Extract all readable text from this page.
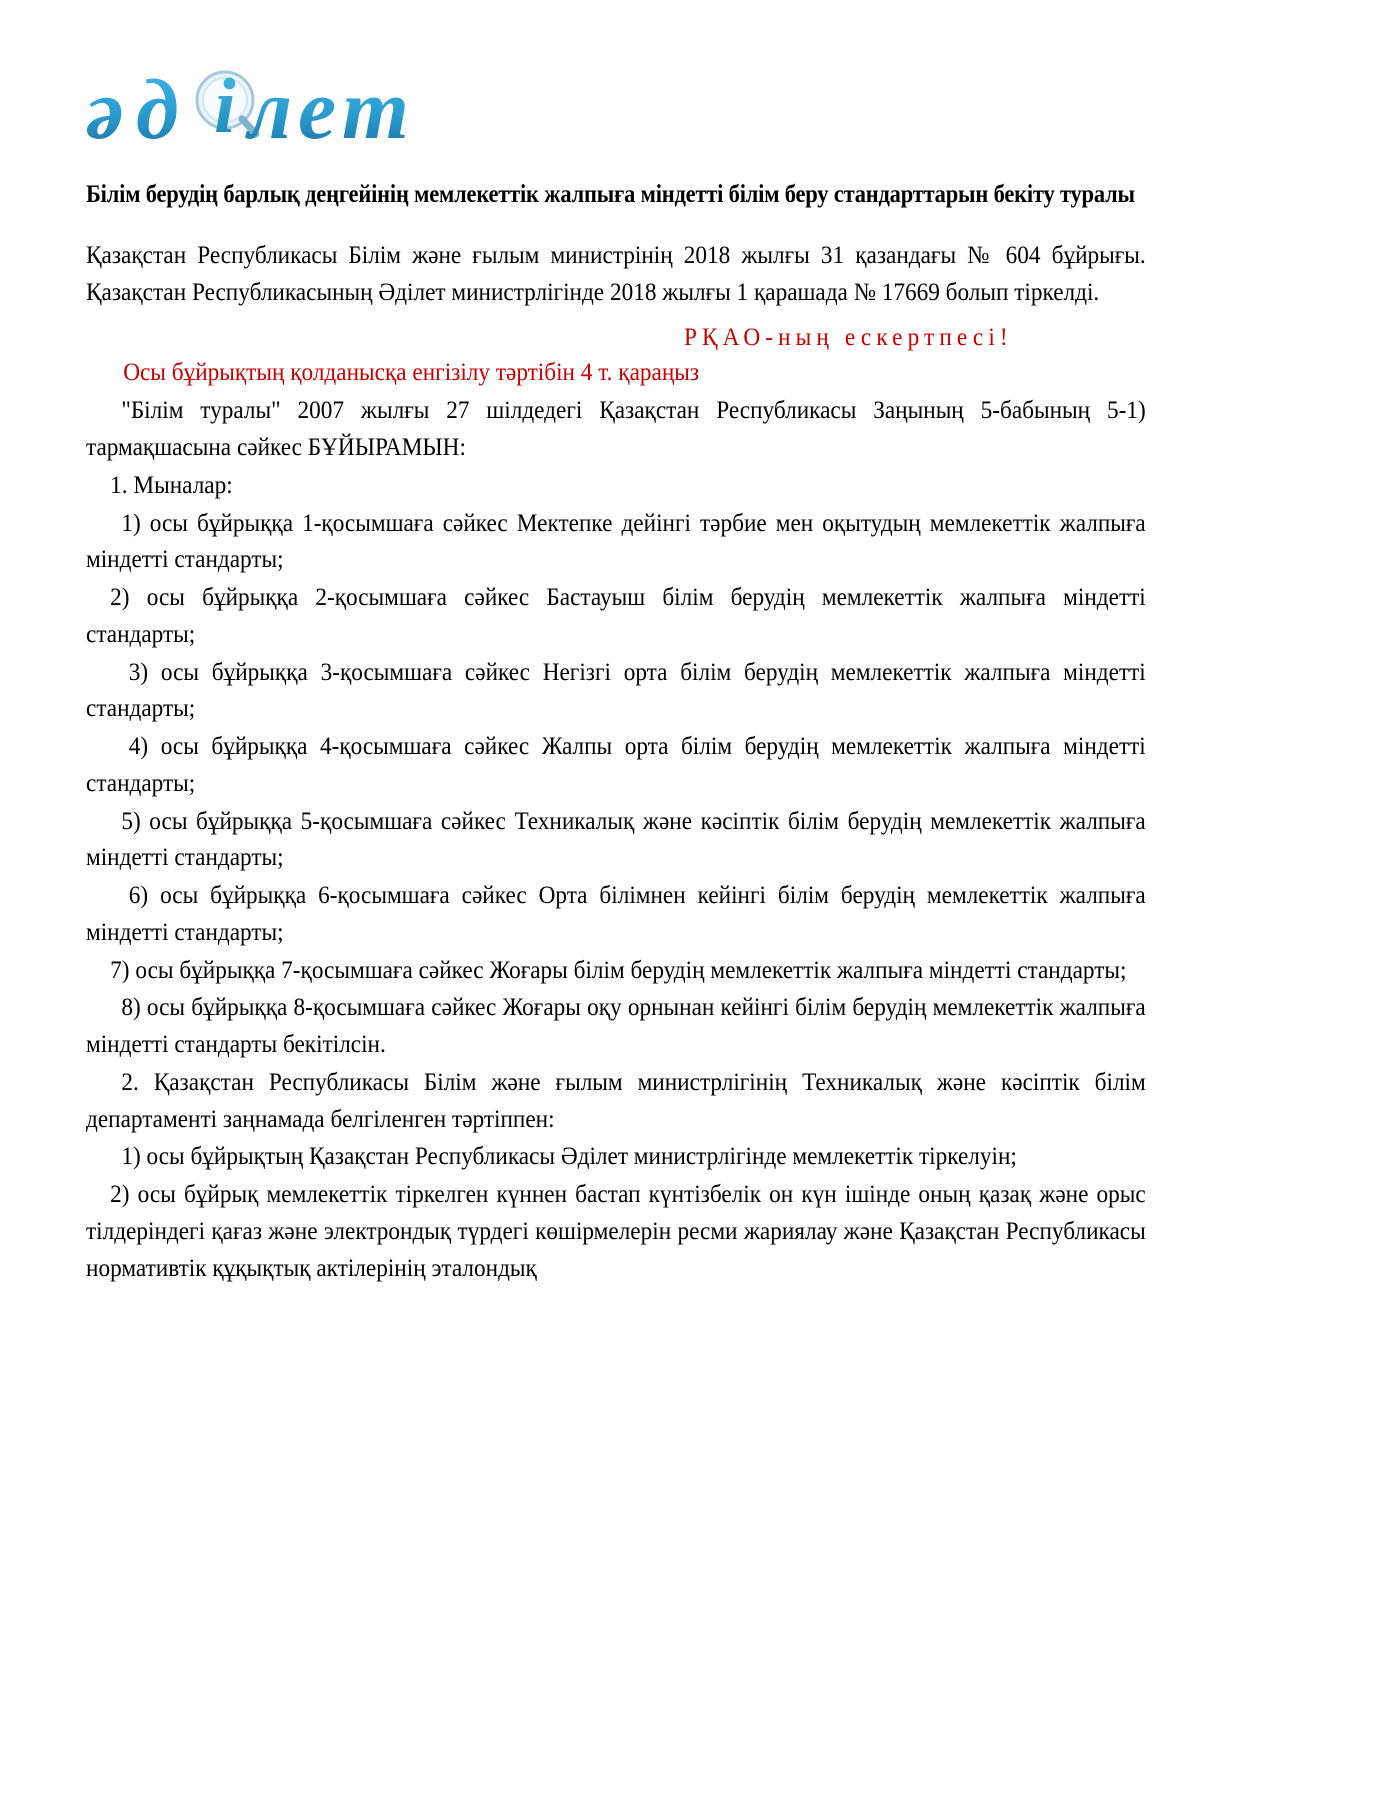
ә д i л е т
Білім берудің барлық деңгейінің мемлекеттік жалпыға міндетті білім беру стандарттарын бекіту туралы

Қазақстан Республикасы Білім және ғылым министрінің 2018 жылғы 31 қазандағы № 604 бұйрығы. Қазақстан Республикасының Әділет министрлігінде 2018 жылғы 1 қарашада № 17669 болып тіркелді.

РҚАО-ның ескертпесі!
Осы бұйрықтың қолданысқа енгізілу тәртібін 4 т. қараңыз

"Білім туралы" 2007 жылғы 27 шілдедегі Қазақстан Республикасы Заңының 5-бабының 5-1) тармақшасына сәйкес БҰЙЫРАМЫН:

1. Мыналар:

1) осы бұйрыққа 1-қосымшаға сәйкес Мектепке дейінгі тәрбие мен оқытудың мемлекеттік жалпыға міндетті стандарты;

2) осы бұйрыққа 2-қосымшаға сәйкес Бастауыш білім берудің мемлекеттік жалпыға міндетті стандарты;

3) осы бұйрыққа 3-қосымшаға сәйкес Негізгі орта білім берудің мемлекеттік жалпыға міндетті стандарты;

4) осы бұйрыққа 4-қосымшаға сәйкес Жалпы орта білім берудің мемлекеттік жалпыға міндетті стандарты;

5) осы бұйрыққа 5-қосымшаға сәйкес Техникалық және кәсіптік білім берудің мемлекеттік жалпыға міндетті стандарты;

6) осы бұйрыққа 6-қосымшаға сәйкес Орта білімнен кейінгі білім берудің мемлекеттік жалпыға міндетті стандарты;

7) осы бұйрыққа 7-қосымшаға сәйкес Жоғары білім берудің мемлекеттік жалпыға міндетті стандарты;

8) осы бұйрыққа 8-қосымшаға сәйкес Жоғары оқу орнынан кейінгі білім берудің мемлекеттік жалпыға міндетті стандарты бекітілсін.

2. Қазақстан Республикасы Білім және ғылым министрлігінің Техникалық және кәсіптік білім департаменті заңнамада белгіленген тәртіппен:

1) осы бұйрықтың Қазақстан Республикасы Әділет министрлігінде мемлекеттік тіркелуін;

2) осы бұйрық мемлекеттік тіркелген күннен бастап күнтізбелік он күн ішінде оның қазақ және орыс тілдеріндегі қағаз және электрондық түрдегі көшірмелерін ресми жариялау және Қазақстан Республикасы нормативтік құқықтық актілерінің эталондық
